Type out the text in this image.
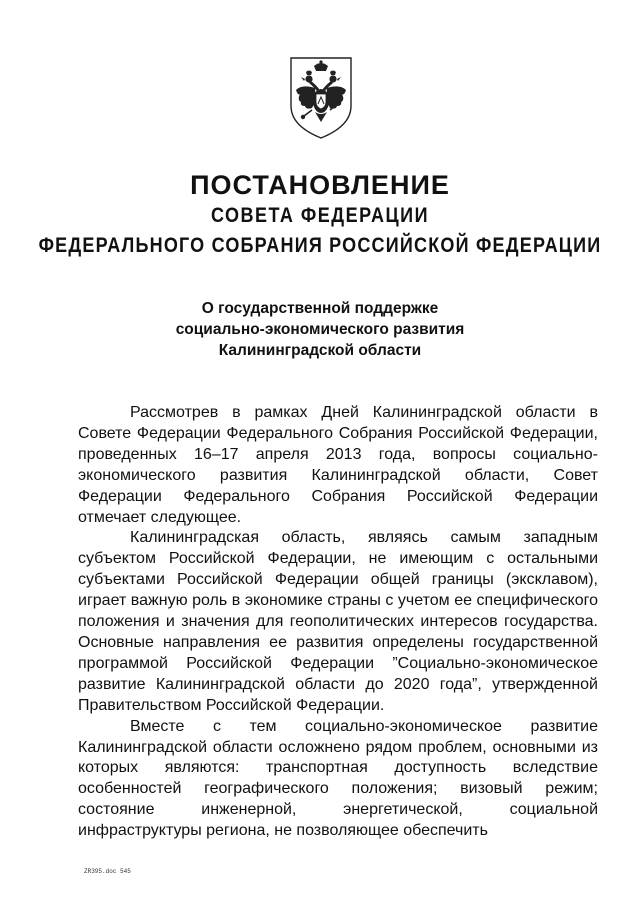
ПОСТАНОВЛЕНИЕ
СОВЕТА ФЕДЕРАЦИИ
ФЕДЕРАЛЬНОГО СОБРАНИЯ РОССИЙСКОЙ ФЕДЕРАЦИИ
О государственной поддержке
социально-экономического развития
Калининградской области

Рассмотрев в рамках Дней Калининградской области в Совете Федерации Федерального Собрания Российской Федерации, проведенных 16–17 апреля 2013 года, вопросы социально-экономического развития Калининградской области, Совет Федерации Федерального Собрания Российской Федерации отмечает следующее.

Калининградская область, являясь самым западным субъектом Российской Федерации, не имеющим с остальными субъектами Российской Федерации общей границы (эксклавом), играет важную роль в экономике страны с учетом ее специфического положения и значения для геополитических интересов государства. Основные направления ее развития определены государственной программой Российской Федерации ”Социально-экономическое развитие Калининградской области до 2020 года”, утвержденной Правительством Российской Федерации.

Вместе с тем социально-экономическое развитие Калининградской области осложнено рядом проблем, основными из которых являются: транспортная доступность вследствие особенностей географического положения; визовый режим; состояние инженерной, энергетической, социальной инфраструктуры региона, не позволяющее обеспечить

ZR395.doc 545
